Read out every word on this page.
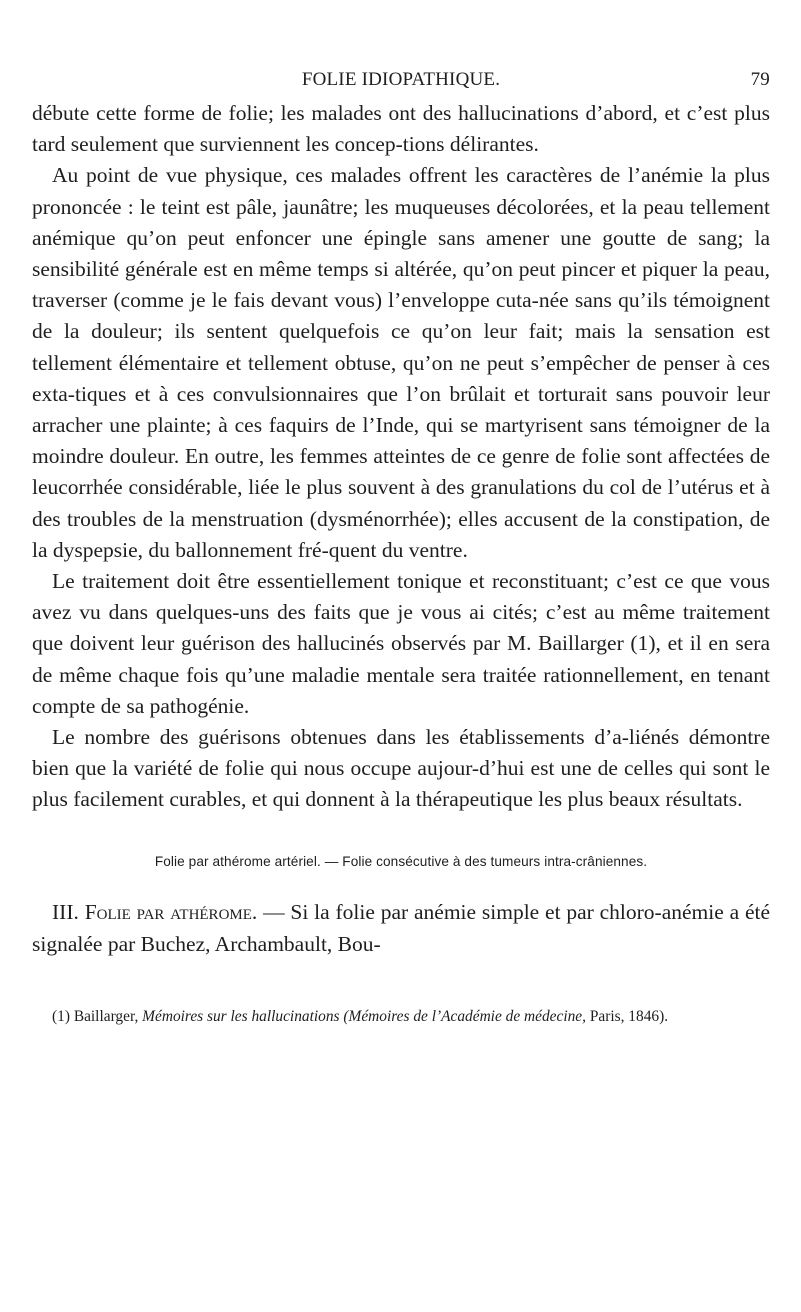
FOLIE IDIOPATHIQUE.	79

débute cette forme de folie; les malades ont des hallucinations d’abord, et c’est plus tard seulement que surviennent les concep-tions délirantes.

Au point de vue physique, ces malades offrent les caractères de l’anémie la plus prononcée : le teint est pâle, jaunâtre; les muqueuses décolorées, et la peau tellement anémique qu’on peut enfoncer une épingle sans amener une goutte de sang; la sensibilité générale est en même temps si altérée, qu’on peut pincer et piquer la peau, traverser (comme je le fais devant vous) l’enveloppe cuta-née sans qu’ils témoignent de la douleur; ils sentent quelquefois ce qu’on leur fait; mais la sensation est tellement élémentaire et tellement obtuse, qu’on ne peut s’empêcher de penser à ces exta-tiques et à ces convulsionnaires que l’on brûlait et torturait sans pouvoir leur arracher une plainte; à ces faquirs de l’Inde, qui se martyrisent sans témoigner de la moindre douleur. En outre, les femmes atteintes de ce genre de folie sont affectées de leucorrhée considérable, liée le plus souvent à des granulations du col de l’utérus et à des troubles de la menstruation (dysménorrhée); elles accusent de la constipation, de la dyspepsie, du ballonnement fré-quent du ventre.

Le traitement doit être essentiellement tonique et reconstituant; c’est ce que vous avez vu dans quelques-uns des faits que je vous ai cités; c’est au même traitement que doivent leur guérison des hallucinés observés par M. Baillarger (1), et il en sera de même chaque fois qu’une maladie mentale sera traitée rationnellement, en tenant compte de sa pathogénie.

Le nombre des guérisons obtenues dans les établissements d’a-liénés démontre bien que la variété de folie qui nous occupe aujour-d’hui est une de celles qui sont le plus facilement curables, et qui donnent à la thérapeutique les plus beaux résultats.

Folie par athérome artériel. — Folie consécutive à des tumeurs intra-crâniennes.
III. Folie par athérome. — Si la folie par anémie simple et par chloro-anémie a été signalée par Buchez, Archambault, Bou-
(1) Baillarger, Mémoires sur les hallucinations (Mémoires de l’Académie de médecine, Paris, 1846).
